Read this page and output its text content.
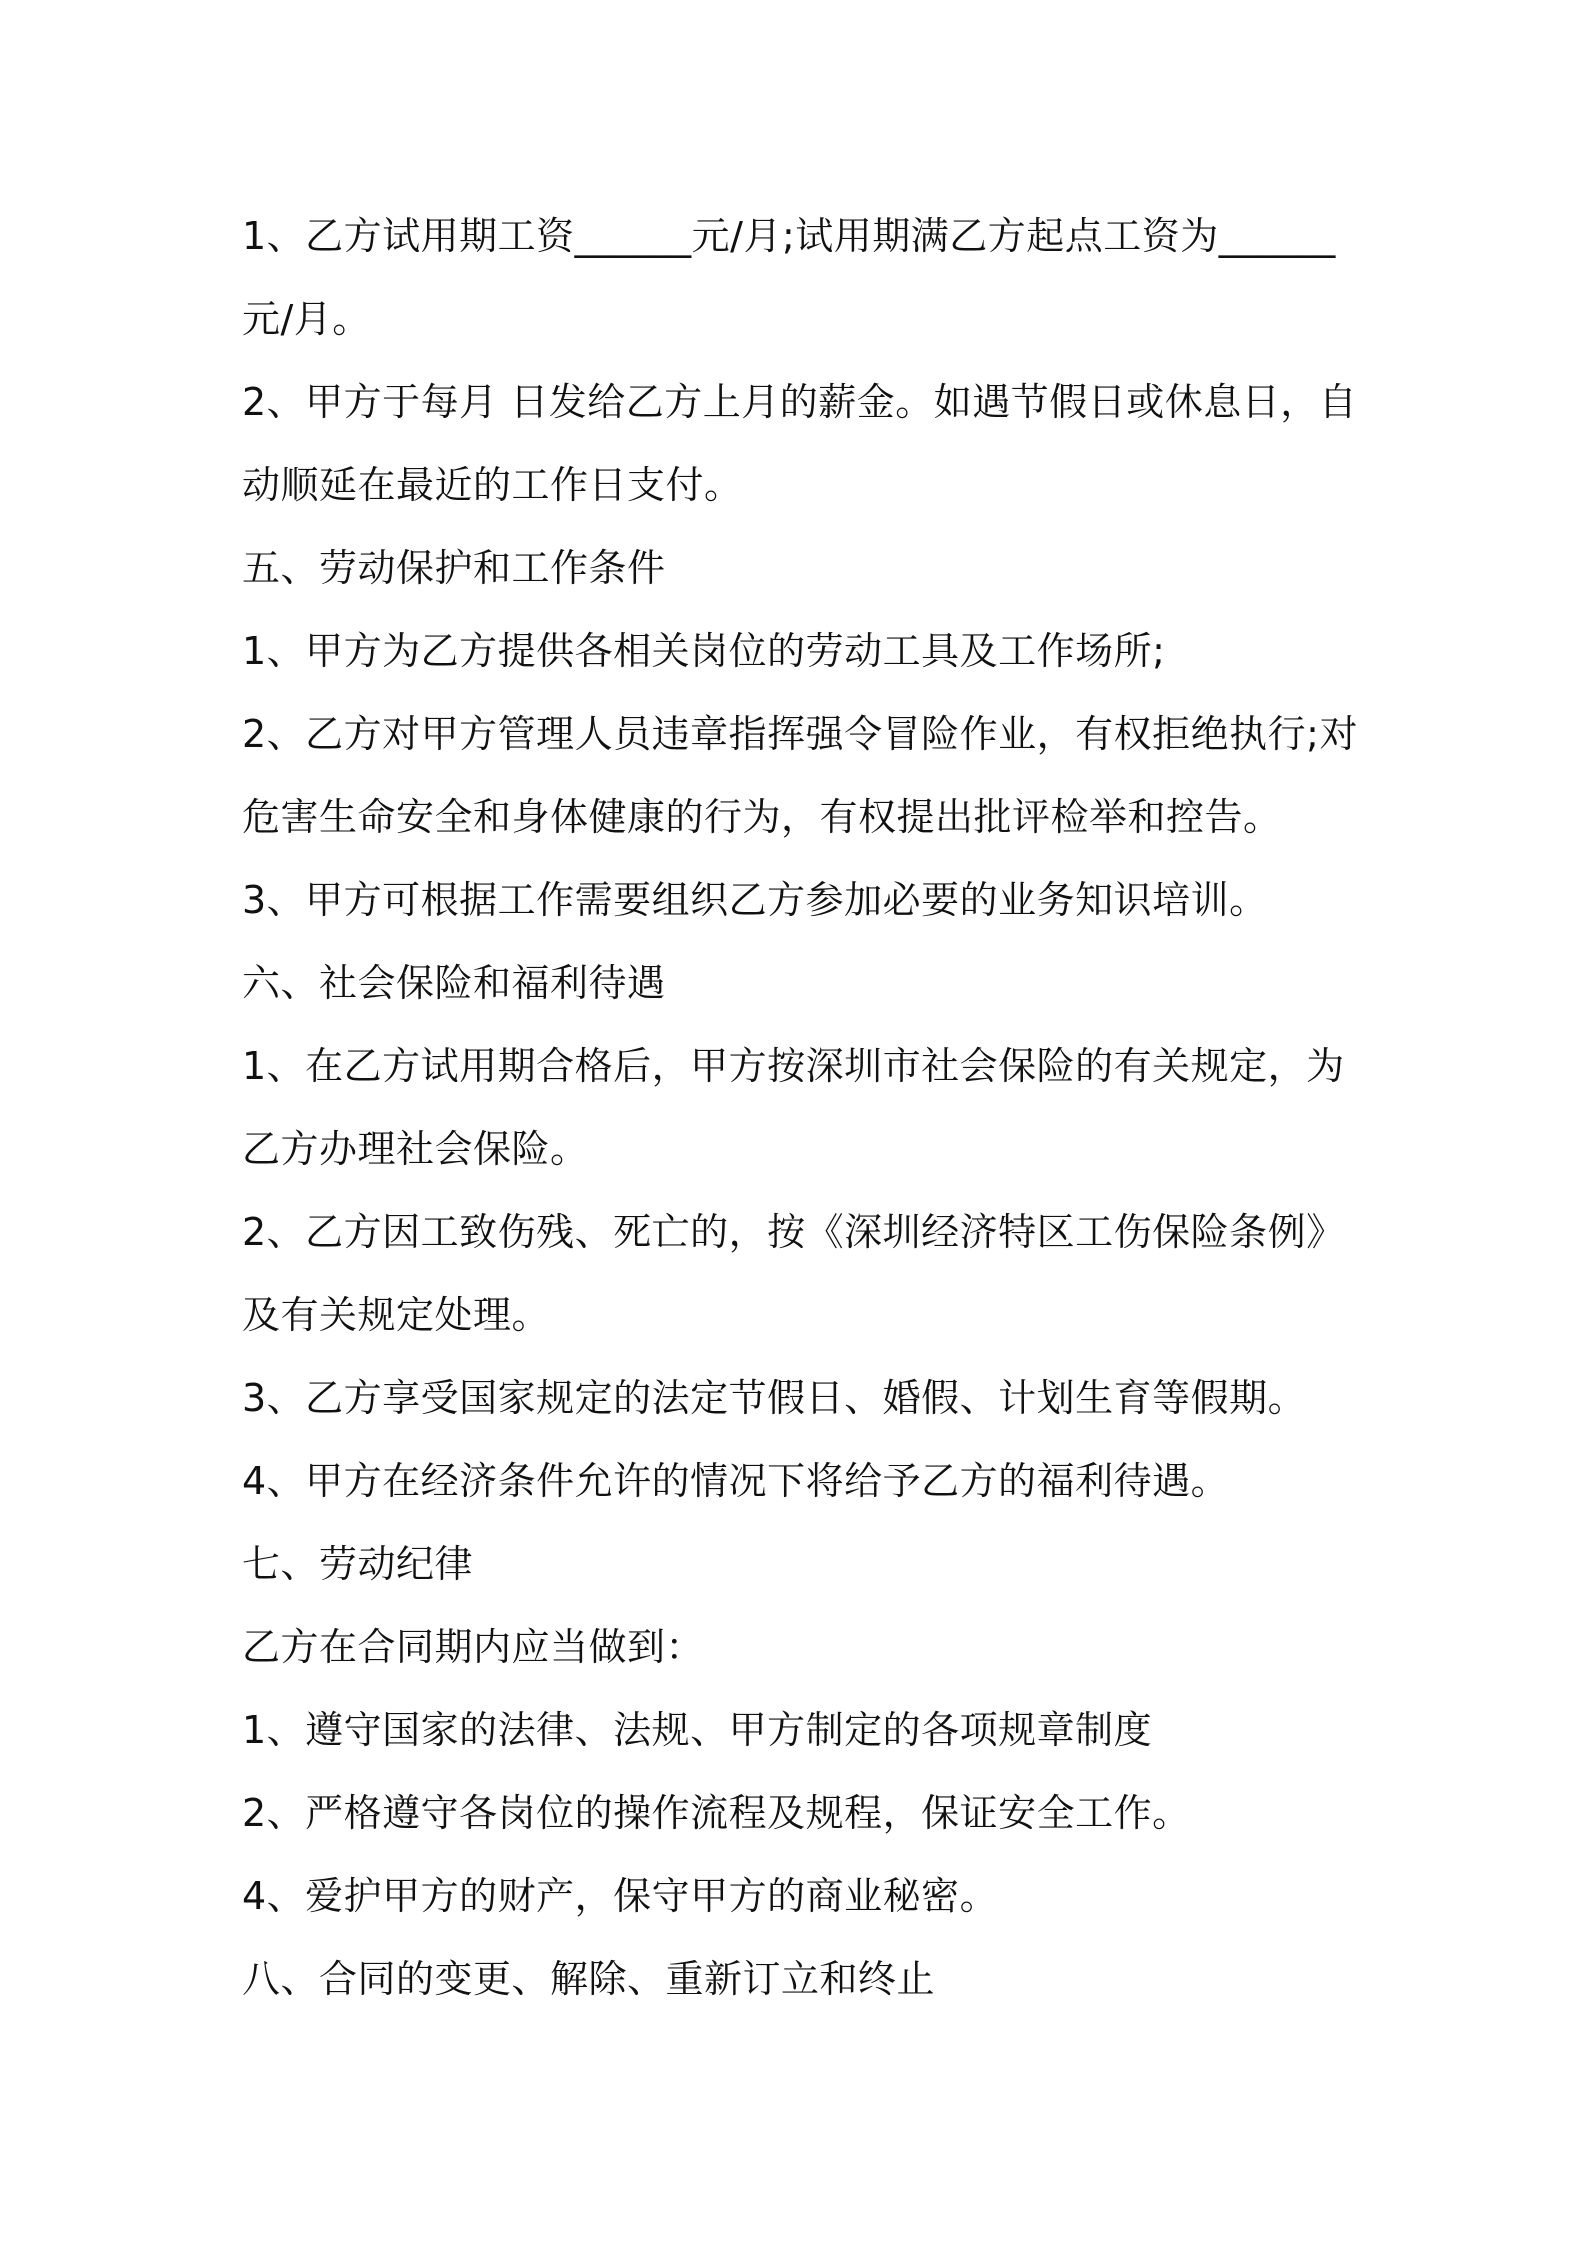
1、乙方试用期工资______元/月;试用期满乙方起点工资为______元/月。

2、甲方于每月 日发给乙方上月的薪金。如遇节假日或休息日，自动顺延在最近的工作日支付。

五、劳动保护和工作条件

1、甲方为乙方提供各相关岗位的劳动工具及工作场所;

2、乙方对甲方管理人员违章指挥强令冒险作业，有权拒绝执行;对危害生命安全和身体健康的行为，有权提出批评检举和控告。

3、甲方可根据工作需要组织乙方参加必要的业务知识培训。

六、社会保险和福利待遇

1、在乙方试用期合格后，甲方按深圳市社会保险的有关规定，为乙方办理社会保险。

2、乙方因工致伤残、死亡的，按《深圳经济特区工伤保险条例》及有关规定处理。

3、乙方享受国家规定的法定节假日、婚假、计划生育等假期。

4、甲方在经济条件允许的情况下将给予乙方的福利待遇。

七、劳动纪律

乙方在合同期内应当做到：

1、遵守国家的法律、法规、甲方制定的各项规章制度

2、严格遵守各岗位的操作流程及规程，保证安全工作。

4、爱护甲方的财产，保守甲方的商业秘密。

八、合同的变更、解除、重新订立和终止
